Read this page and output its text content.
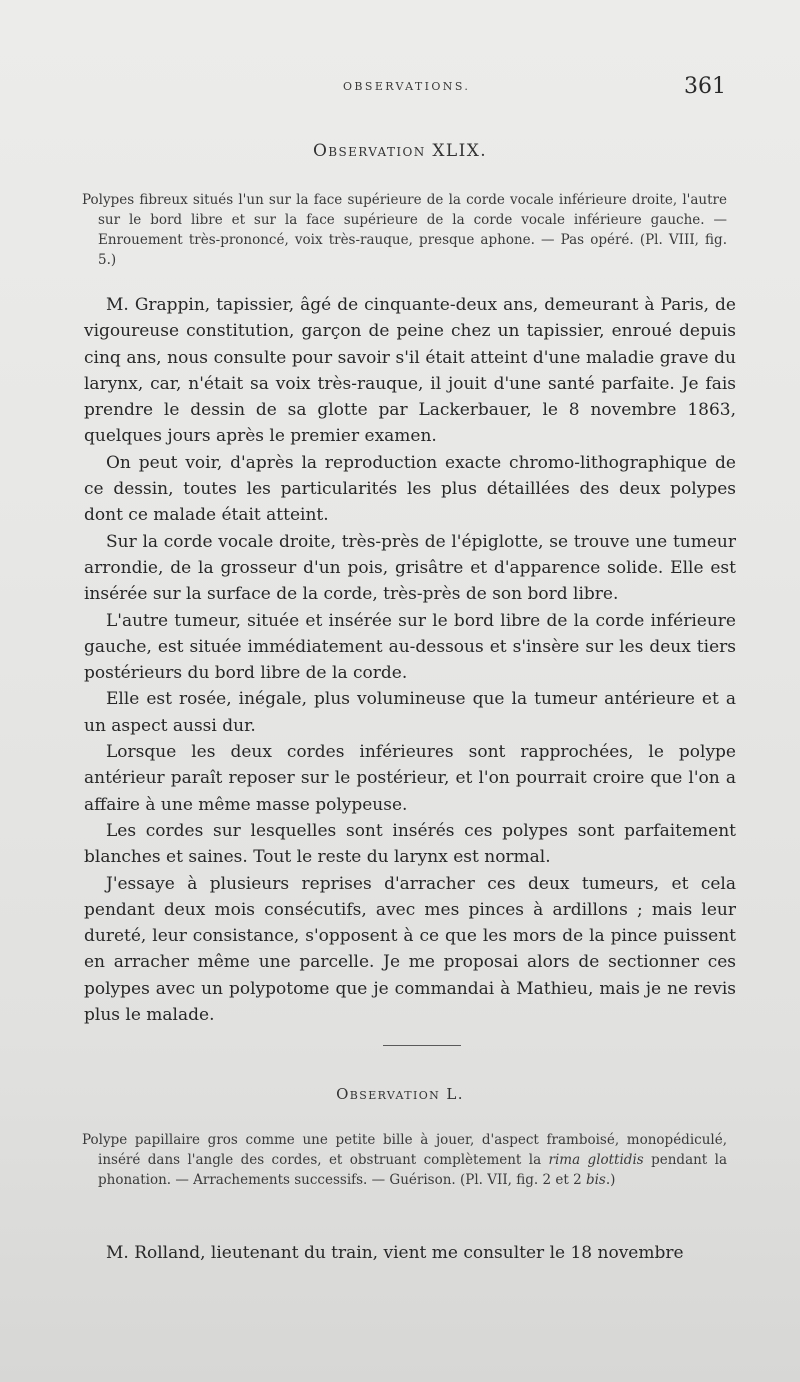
OBSERVATIONS.	361
Observation XLIX.

Polypes fibreux situés l'un sur la face supérieure de la corde vocale inférieure droite, l'autre sur le bord libre et sur la face supérieure de la corde vocale inférieure gauche. — Enrouement très-prononcé, voix très-rauque, presque aphone. — Pas opéré. (Pl. VIII, fig. 5.)

M. Grappin, tapissier, âgé de cinquante-deux ans, demeurant à Paris, de vigoureuse constitution, garçon de peine chez un tapissier, enroué depuis cinq ans, nous consulte pour savoir s'il était atteint d'une maladie grave du larynx, car, n'était sa voix très-rauque, il jouit d'une santé parfaite. Je fais prendre le dessin de sa glotte par Lackerbauer, le 8 novembre 1863, quelques jours après le premier examen.

On peut voir, d'après la reproduction exacte chromo-lithographique de ce dessin, toutes les particularités les plus détaillées des deux polypes dont ce malade était atteint.

Sur la corde vocale droite, très-près de l'épiglotte, se trouve une tumeur arrondie, de la grosseur d'un pois, grisâtre et d'apparence solide. Elle est insérée sur la surface de la corde, très-près de son bord libre.

L'autre tumeur, située et insérée sur le bord libre de la corde inférieure gauche, est située immédiatement au-dessous et s'insère sur les deux tiers postérieurs du bord libre de la corde.

Elle est rosée, inégale, plus volumineuse que la tumeur antérieure et a un aspect aussi dur.

Lorsque les deux cordes inférieures sont rapprochées, le polype antérieur paraît reposer sur le postérieur, et l'on pourrait croire que l'on a affaire à une même masse polypeuse.

Les cordes sur lesquelles sont insérés ces polypes sont parfaitement blanches et saines. Tout le reste du larynx est normal.

J'essaye à plusieurs reprises d'arracher ces deux tumeurs, et cela pendant deux mois consécutifs, avec mes pinces à ardillons ; mais leur dureté, leur consistance, s'opposent à ce que les mors de la pince puissent en arracher même une parcelle. Je me proposai alors de sectionner ces polypes avec un polypotome que je commandai à Mathieu, mais je ne revis plus le malade.

Observation L.

Polype papillaire gros comme une petite bille à jouer, d'aspect framboisé, monopédiculé, inséré dans l'angle des cordes, et obstruant complètement la rima glottidis pendant la phonation. — Arrachements successifs. — Guérison. (Pl. VII, fig. 2 et 2 bis.)

M. Rolland, lieutenant du train, vient me consulter le 18 novembre
